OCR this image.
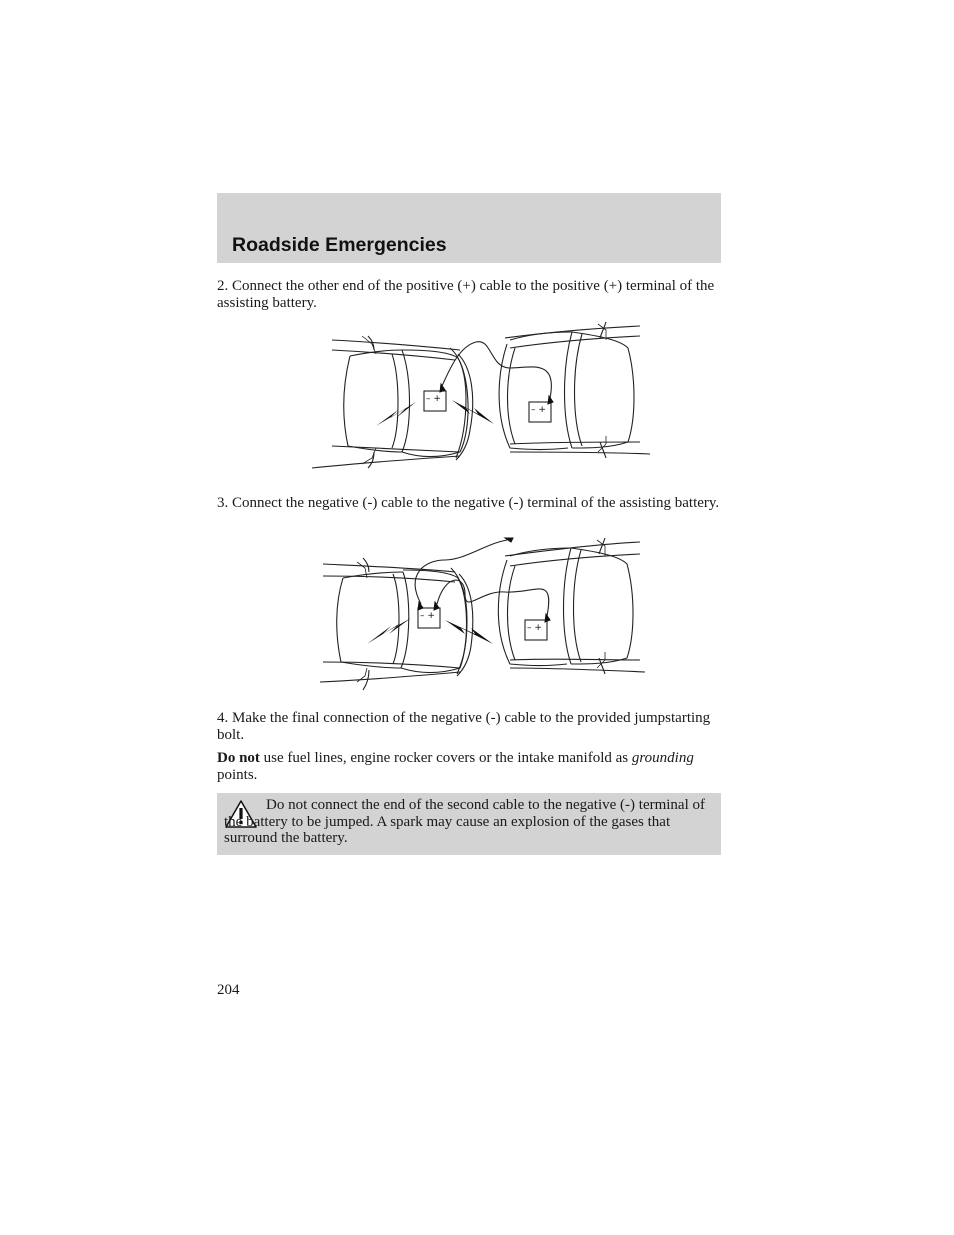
Roadside Emergencies

2. Connect the other end of the positive (+) cable to the positive (+) terminal of the assisting battery.

– +
– +

3. Connect the negative (-) cable to the negative (-) terminal of the assisting battery.

– +
– +

4. Make the final connection of the negative (-) cable to the provided jumpstarting bolt.

Do not use fuel lines, engine rocker covers or the intake manifold as grounding points.

Do not connect the end of the second cable to the negative (-) terminal of the battery to be jumped. A spark may cause an explosion of the gases that surround the battery.

204
